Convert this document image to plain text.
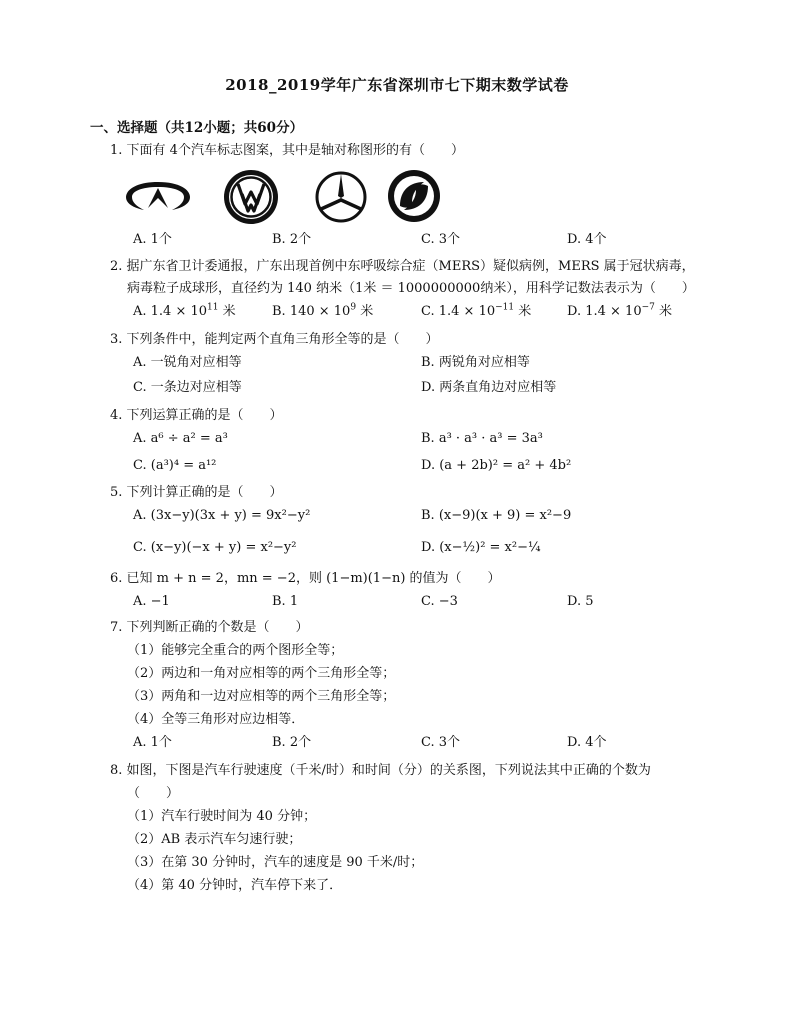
2018_2019学年广东省深圳市七下期末数学试卷
一、选择题（共12小题；共60分）
1. 下面有 4个汽车标志图案，其中是轴对称图形的有（　　）
A. 1个	B. 2个	C. 3个	D. 4个
2. 据广东省卫计委通报，广东出现首例中东呼吸综合症（MERS）疑似病例，MERS 属于冠状病毒，
病毒粒子成球形，直径约为 140 纳米（1米 ＝ 1000000000纳米），用科学记数法表示为（　　）
A. $1.4 \times 10^{11}$ 米	B. $140 \times 10^9$ 米	C. $1.4 \times 10^{-11}$ 米	D. $1.4 \times 10^{-7}$ 米
3. 下列条件中，能判定两个直角三角形全等的是（　　）
A. 一锐角对应相等	B. 两锐角对应相等
C. 一条边对应相等	D. 两条直角边对应相等
4. 下列运算正确的是（　　）
A. a⁶ ÷ a² = a³	B. a³ · a³ · a³ = 3a³
C. (a³)⁴ = a¹²	D. (a + 2b)² = a² + 4b²
5. 下列计算正确的是（　　）
A. (3x−y)(3x + y) = 9x²−y²	B. (x−9)(x + 9) = x²−9
C. (x−y)(−x + y) = x²−y²	D. (x−½)² = x²−¼
6. 已知 m + n = 2，mn = −2，则 (1−m)(1−n) 的值为（　　）
A. −1	B. 1	C. −3	D. 5
7. 下列判断正确的个数是（　　）
（1）能够完全重合的两个图形全等；
（2）两边和一角对应相等的两个三角形全等；
（3）两角和一边对应相等的两个三角形全等；
（4）全等三角形对应边相等．
A. 1个	B. 2个	C. 3个	D. 4个
8. 如图，下图是汽车行驶速度（千米/时）和时间（分）的关系图，下列说法其中正确的个数为
（　　）
（1）汽车行驶时间为 40 分钟；
（2）AB 表示汽车匀速行驶；
（3）在第 30 分钟时，汽车的速度是 90 千米/时；
（4）第 40 分钟时，汽车停下来了．
